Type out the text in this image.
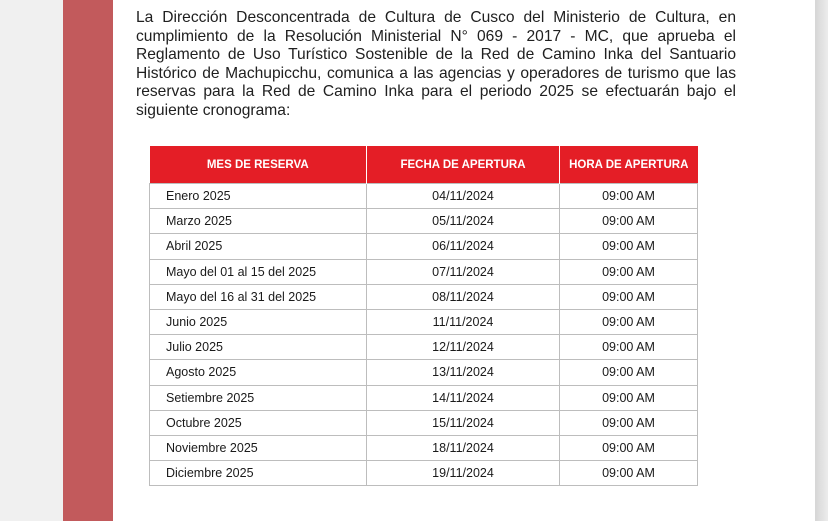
La Dirección Desconcentrada de Cultura de Cusco del Ministerio de Cultura, en cumplimiento de la Resolución Ministerial N° 069 - 2017 - MC, que aprueba el Reglamento de Uso Turístico Sostenible de la Red de Camino Inka del Santuario Histórico de Machupicchu, comunica a las agencias y operadores de turismo que las reservas para la Red de Camino Inka para el periodo 2025 se efectuarán bajo el siguiente cronograma:

MES DE RESERVA	FECHA DE APERTURA	HORA DE APERTURA
Enero 2025	04/11/2024	09:00 AM
Marzo 2025	05/11/2024	09:00 AM
Abril 2025	06/11/2024	09:00 AM
Mayo del 01 al 15 del 2025	07/11/2024	09:00 AM
Mayo del 16 al 31 del 2025	08/11/2024	09:00 AM
Junio 2025	11/11/2024	09:00 AM
Julio 2025	12/11/2024	09:00 AM
Agosto 2025	13/11/2024	09:00 AM
Setiembre 2025	14/11/2024	09:00 AM
Octubre 2025	15/11/2024	09:00 AM
Noviembre 2025	18/11/2024	09:00 AM
Diciembre 2025	19/11/2024	09:00 AM
